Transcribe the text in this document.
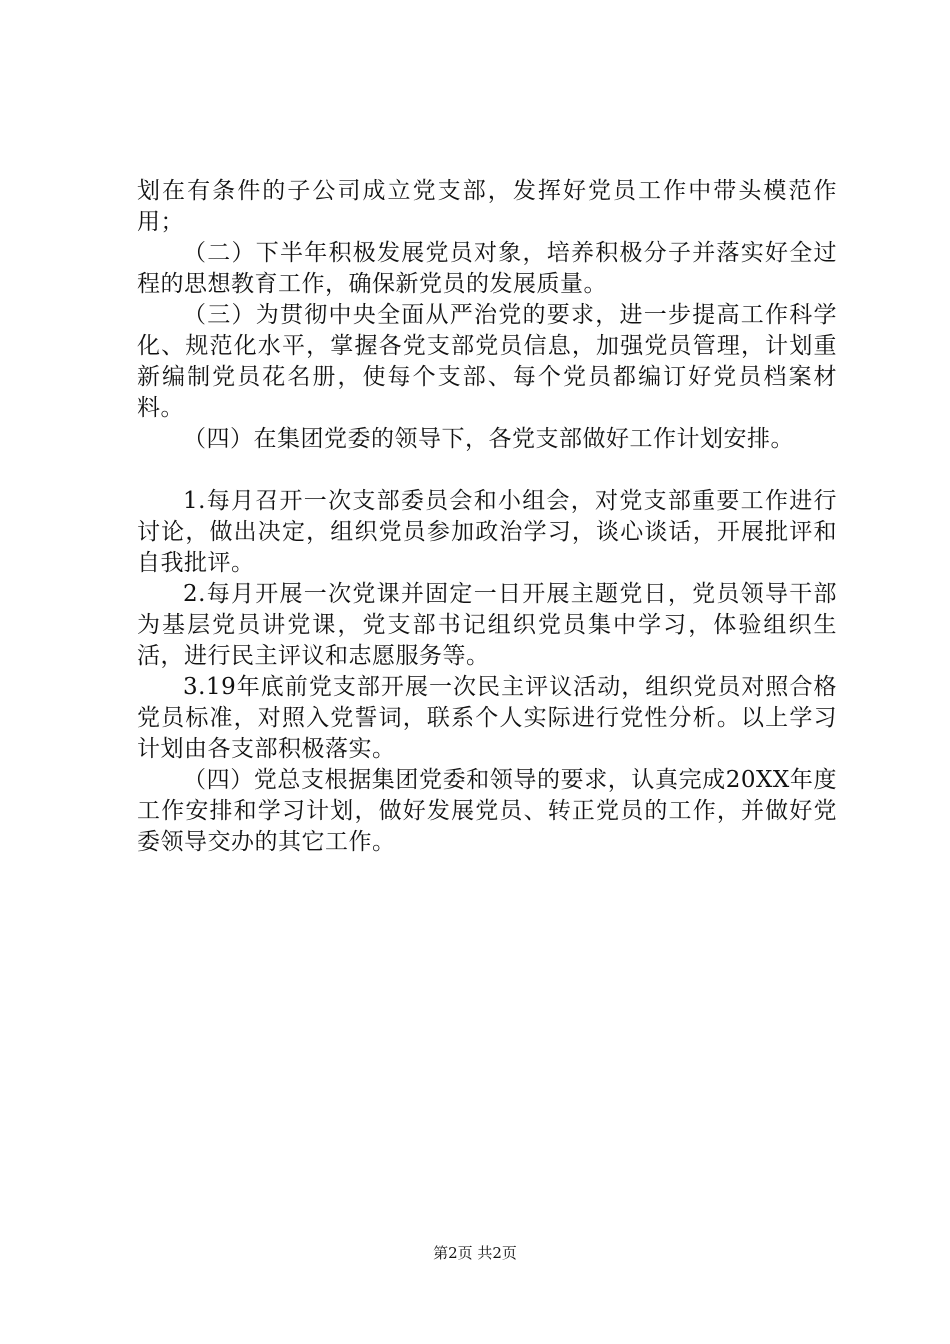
划在有条件的子公司成立党支部，发挥好党员工作中带头模范作用；

（二）下半年积极发展党员对象，培养积极分子并落实好全过程的思想教育工作，确保新党员的发展质量。

（三）为贯彻中央全面从严治党的要求，进一步提高工作科学化、规范化水平，掌握各党支部党员信息，加强党员管理，计划重新编制党员花名册，使每个支部、每个党员都编订好党员档案材料。

（四）在集团党委的领导下，各党支部做好工作计划安排。

1.每月召开一次支部委员会和小组会，对党支部重要工作进行讨论，做出决定，组织党员参加政治学习，谈心谈话，开展批评和自我批评。

2.每月开展一次党课并固定一日开展主题党日，党员领导干部为基层党员讲党课，党支部书记组织党员集中学习，体验组织生活，进行民主评议和志愿服务等。

3.19年底前党支部开展一次民主评议活动，组织党员对照合格党员标准，对照入党誓词，联系个人实际进行党性分析。以上学习计划由各支部积极落实。

（四）党总支根据集团党委和领导的要求，认真完成20XX年度工作安排和学习计划，做好发展党员、转正党员的工作，并做好党委领导交办的其它工作。

第2页 共2页
